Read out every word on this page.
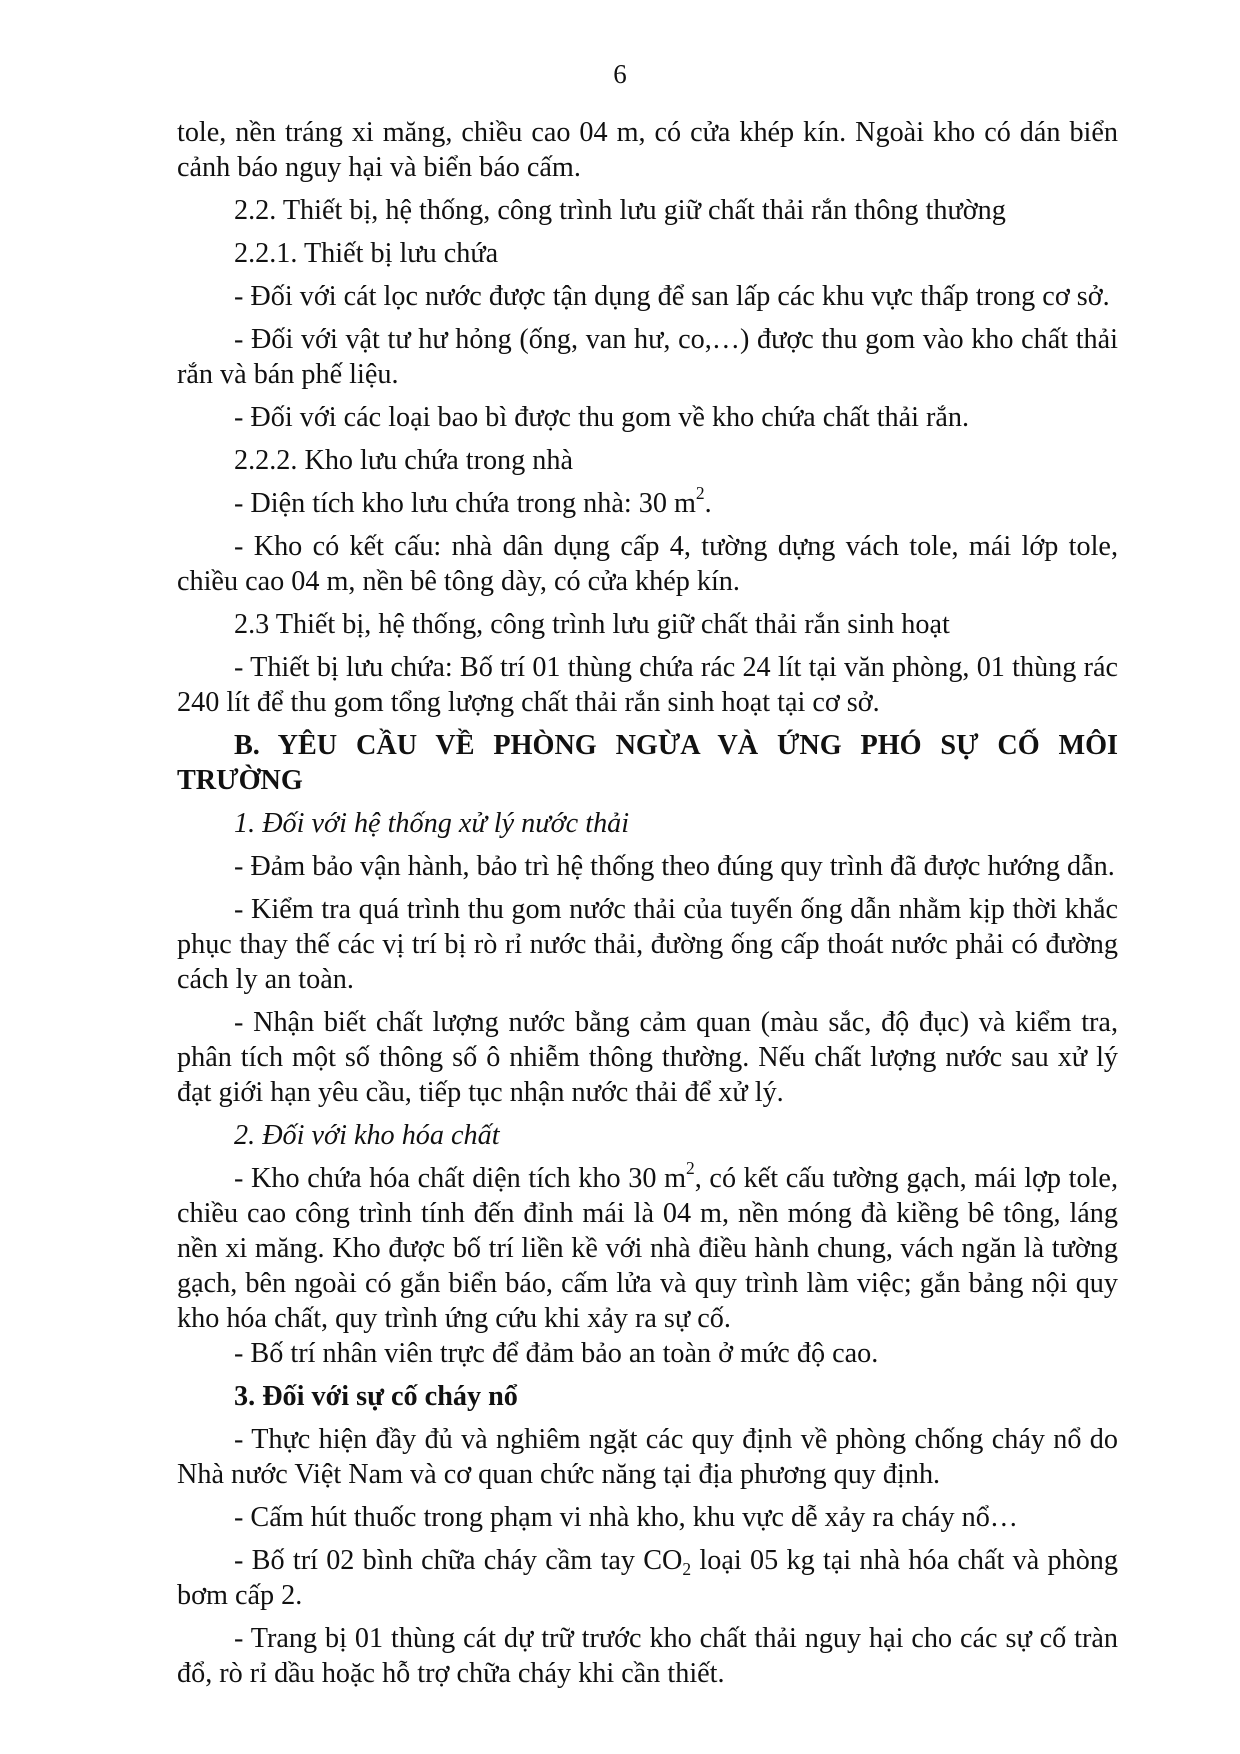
6

tole, nền tráng xi măng, chiều cao 04 m, có cửa khép kín. Ngoài kho có dán biển cảnh báo nguy hại và biển báo cấm.

2.2. Thiết bị, hệ thống, công trình lưu giữ chất thải rắn thông thường

2.2.1. Thiết bị lưu chứa

- Đối với cát lọc nước được tận dụng để san lấp các khu vực thấp trong cơ sở.

- Đối với vật tư hư hỏng (ống, van hư, co,…) được thu gom vào kho chất thải rắn và bán phế liệu.

- Đối với các loại bao bì được thu gom về kho chứa chất thải rắn.

2.2.2. Kho lưu chứa trong nhà

- Diện tích kho lưu chứa trong nhà: 30 $m^2$.

- Kho có kết cấu: nhà dân dụng cấp 4, tường dựng vách tole, mái lớp tole, chiều cao 04 m, nền bê tông dày, có cửa khép kín.

2.3 Thiết bị, hệ thống, công trình lưu giữ chất thải rắn sinh hoạt

- Thiết bị lưu chứa: Bố trí 01 thùng chứa rác 24 lít tại văn phòng, 01 thùng rác 240 lít để thu gom tổng lượng chất thải rắn sinh hoạt tại cơ sở.

B. YÊU CẦU VỀ PHÒNG NGỪA VÀ ỨNG PHÓ SỰ CỐ MÔI TRƯỜNG

1. Đối với hệ thống xử lý nước thải

- Đảm bảo vận hành, bảo trì hệ thống theo đúng quy trình đã được hướng dẫn.

- Kiểm tra quá trình thu gom nước thải của tuyến ống dẫn nhằm kịp thời khắc phục thay thế các vị trí bị rò rỉ nước thải, đường ống cấp thoát nước phải có đường cách ly an toàn.

- Nhận biết chất lượng nước bằng cảm quan (màu sắc, độ đục) và kiểm tra, phân tích một số thông số ô nhiễm thông thường. Nếu chất lượng nước sau xử lý đạt giới hạn yêu cầu, tiếp tục nhận nước thải để xử lý.

2. Đối với kho hóa chất

- Kho chứa hóa chất diện tích kho 30 $m^2$, có kết cấu tường gạch, mái lợp tole, chiều cao công trình tính đến đỉnh mái là 04 m, nền móng đà kiềng bê tông, láng nền xi măng. Kho được bố trí liền kề với nhà điều hành chung, vách ngăn là tường gạch, bên ngoài có gắn biển báo, cấm lửa và quy trình làm việc; gắn bảng nội quy kho hóa chất, quy trình ứng cứu khi xảy ra sự cố.

- Bố trí nhân viên trực để đảm bảo an toàn ở mức độ cao.

3. Đối với sự cố cháy nổ

- Thực hiện đầy đủ và nghiêm ngặt các quy định về phòng chống cháy nổ do Nhà nước Việt Nam và cơ quan chức năng tại địa phương quy định.

- Cấm hút thuốc trong phạm vi nhà kho, khu vực dễ xảy ra cháy nổ…

- Bố trí 02 bình chữa cháy cầm tay $CO_2$ loại 05 kg tại nhà hóa chất và phòng bơm cấp 2.

- Trang bị 01 thùng cát dự trữ trước kho chất thải nguy hại cho các sự cố tràn đổ, rò rỉ dầu hoặc hỗ trợ chữa cháy khi cần thiết.
